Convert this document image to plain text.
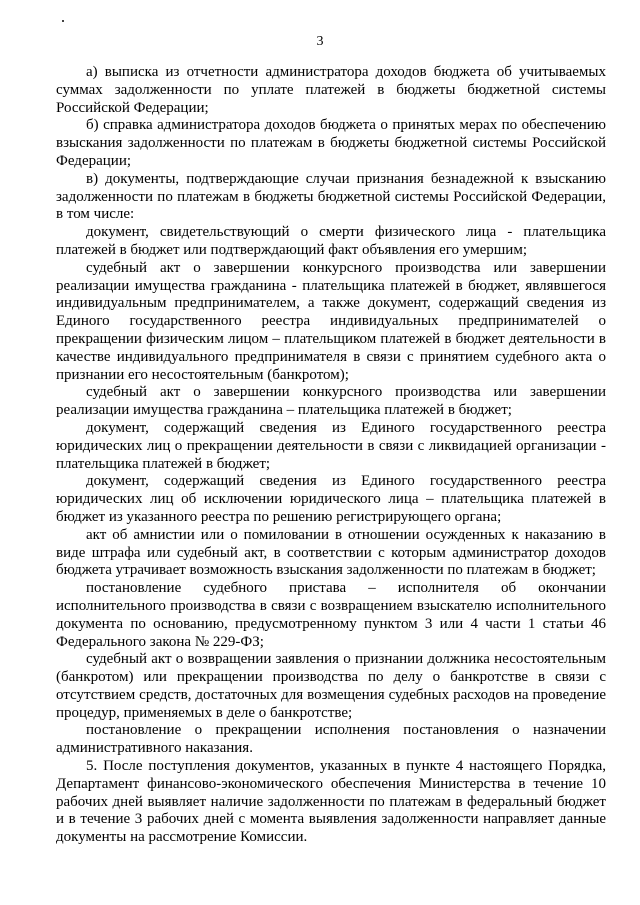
3

а) выписка из отчетности администратора доходов бюджета об учитываемых суммах задолженности по уплате платежей в бюджеты бюджетной системы Российской Федерации;

б) справка администратора доходов бюджета о принятых мерах по обеспечению взыскания задолженности по платежам в бюджеты бюджетной системы Российской Федерации;

в) документы, подтверждающие случаи признания безнадежной к взысканию задолженности по платежам в бюджеты бюджетной системы Российской Федерации, в том числе:

документ, свидетельствующий о смерти физического лица - плательщика платежей в бюджет или подтверждающий факт объявления его умершим;

судебный акт о завершении конкурсного производства или завершении реализации имущества гражданина - плательщика платежей в бюджет, являвшегося индивидуальным предпринимателем, а также документ, содержащий сведения из Единого государственного реестра индивидуальных предпринимателей о прекращении физическим лицом – плательщиком платежей в бюджет деятельности в качестве индивидуального предпринимателя в связи с принятием судебного акта о признании его несостоятельным (банкротом);

судебный акт о завершении конкурсного производства или завершении реализации имущества гражданина – плательщика платежей в бюджет;

документ, содержащий сведения из Единого государственного реестра юридических лиц о прекращении деятельности в связи с ликвидацией организации - плательщика платежей в бюджет;

документ, содержащий сведения из Единого государственного реестра юридических лиц об исключении юридического лица – плательщика платежей в бюджет из указанного реестра по решению регистрирующего органа;

акт об амнистии или о помиловании в отношении осужденных к наказанию в виде штрафа или судебный акт, в соответствии с которым администратор доходов бюджета утрачивает возможность взыскания задолженности по платежам в бюджет;

постановление судебного пристава – исполнителя об окончании исполнительного производства в связи с возвращением взыскателю исполнительного документа по основанию, предусмотренному пунктом 3 или 4 части 1 статьи 46 Федерального закона № 229-ФЗ;

судебный акт о возвращении заявления о признании должника несостоятельным (банкротом) или прекращении производства по делу о банкротстве в связи с отсутствием средств, достаточных для возмещения судебных расходов на проведение процедур, применяемых в деле о банкротстве;

постановление о прекращении исполнения постановления о назначении административного наказания.

5. После поступления документов, указанных в пункте 4 настоящего Порядка, Департамент финансово-экономического обеспечения Министерства в течение 10 рабочих дней выявляет наличие задолженности по платежам в федеральный бюджет и в течение 3 рабочих дней с момента выявления задолженности направляет данные документы на рассмотрение Комиссии.
